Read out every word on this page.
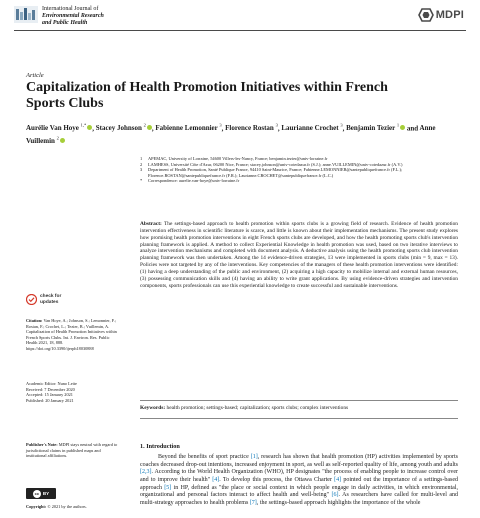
International Journal of
Environmental Research
and Public Health
MDPI
Article
Capitalization of Health Promotion Initiatives within French Sports Clubs
Aurélie Van Hoye $^{1,*}$ , Stacey Johnson $^2$ , Fabienne Lemonnier $^3$, Florence Rostan $^3$, Laurianne Crochet $^3$, Benjamin Tezier $^1$ and Anne Vuillemin $^2$
1	APEMAC, University of Lorraine, 54600 Villers-les-Nancy, France; benjamin.tezier@univ-lorraine.fr
2	LAMHESS, Université Côte d'Azur, 06200 Nice, France; stacey.johnson@univ-cotedazur.fr (S.J.); anne.VUILLEMIN@univ-cotedazur.fr (A.V.)
3	Department of Health Promotion, Santé Publique France, 94410 Saint-Maurice, France; Fabienne.LEMONNIER@santepubliquefrance.fr (F.L.); Florence.ROSTAN@santepubliquefrance.fr (F.R.); Laurianne.CROCHET@santepubliquefrance.fr (L.C.)
*	Correspondence: aurelie.van-hoye@univ-lorraine.fr
Abstract: The settings-based approach to health promotion within sports clubs is a growing field of research. Evidence of health promotion intervention effectiveness in scientific literature is scarce, and little is known about their implementation mechanisms. The present study explores how promising health promotion interventions in eight French sports clubs are developed, and how the health promoting sports club's intervention planning framework is applied. A method to collect Experiential Knowledge in health promotion was used, based on two iterative interviews to analyze intervention mechanisms and completed with document analysis. A deductive analysis using the health promoting sports club intervention planning framework was then undertaken. Among the 14 evidence-driven strategies, 13 were implemented in sports clubs (min = 9, max = 13). Policies were not targeted by any of the interventions. Key competencies of the managers of these health promotion interventions were identified: (1) having a deep understanding of the public and environment, (2) acquiring a high capacity to mobilize internal and external human resources, (3) possessing communication skills and (4) having an ability to write grant applications. By using evidence-driven strategies and intervention components, sports professionals can use this experiential knowledge to create successful and sustainable interventions.
Keywords: health promotion; settings-based; capitalization; sports clubs; complex interventions
1. Introduction
Beyond the benefits of sport practice [1], research has shown that health promotion (HP) activities implemented by sports coaches decreased drop-out intentions, increased enjoyment in sport, as well as self-reported quality of life, among youth and adults [2,3]. According to the World Health Organization (WHO), HP designates "the process of enabling people to increase control over and to improve their health" [4]. To develop this process, the Ottawa Charter [4] pointed out the importance of a settings-based approach [5] in HP, defined as "the place or social context in which people engage in daily activities, in which environmental, organizational and personal factors interact to affect health and well-being" [6]. As researchers have called for multi-level and multi-strategy approaches to health problems [7], the settings-based approach highlights the importance of the whole
check for
updates
Citation: Van Hoye, A.; Johnson, S.; Lemonnier, F.; Rostan, F.; Crochet, L.; Tezier, B.; Vuillemin, A. Capitalization of Health Promotion Initiatives within French Sports Clubs. Int. J. Environ. Res. Public Health 2021, 18, 888. https://doi.org/10.3390/ijerph18030888
Academic Editor: Nuno Leite
Received: 7 December 2020
Accepted: 15 January 2021
Published: 20 January 2021
Publisher's Note: MDPI stays neutral with regard to jurisdictional claims in published maps and institutional affiliations.
cc BY
Copyright: © 2021 by the authors.
